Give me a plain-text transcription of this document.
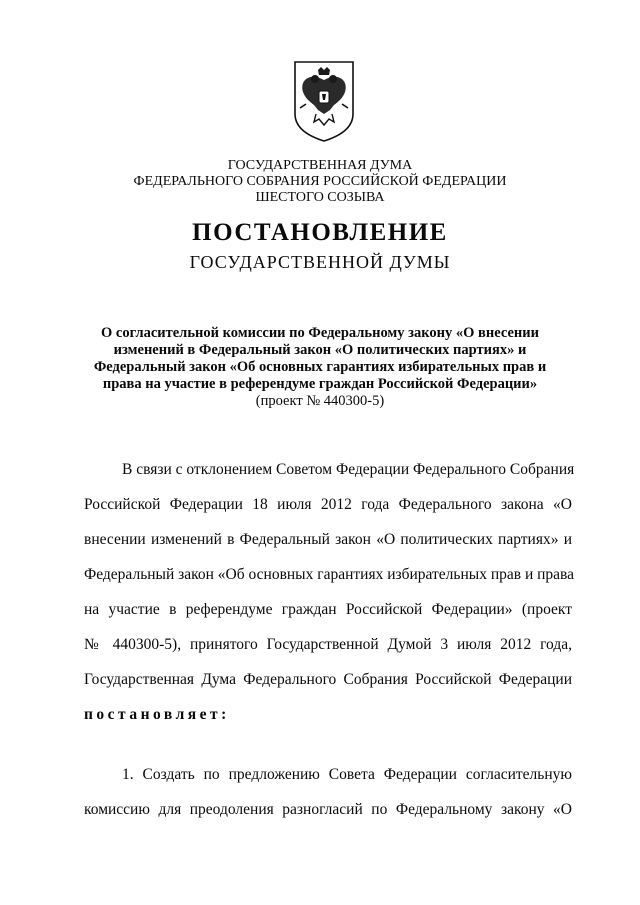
ГОСУДАРСТВЕННАЯ ДУМА
ФЕДЕРАЛЬНОГО СОБРАНИЯ РОССИЙСКОЙ ФЕДЕРАЦИИ
ШЕСТОГО СОЗЫВА
ПОСТАНОВЛЕНИЕ
ГОСУДАРСТВЕННОЙ ДУМЫ
О согласительной комиссии по Федеральному закону «О внесении
изменений в Федеральный закон «О политических партиях» и
Федеральный закон «Об основных гарантиях избирательных прав и
права на участие в референдуме граждан Российской Федерации»
(проект № 440300-5)
В связи с отклонением Советом Федерации Федерального Собрания
Российской Федерации 18 июля 2012 года Федерального закона «О
внесении изменений в Федеральный закон «О политических партиях» и
Федеральный закон «Об основных гарантиях избирательных прав и права
на участие в референдуме граждан Российской Федерации» (проект
№ 440300-5), принятого Государственной Думой 3 июля 2012 года,
Государственная Дума Федерального Собрания Российской Федерации
постановляет:
1. Создать по предложению Совета Федерации согласительную
комиссию для преодоления разногласий по Федеральному закону «О
